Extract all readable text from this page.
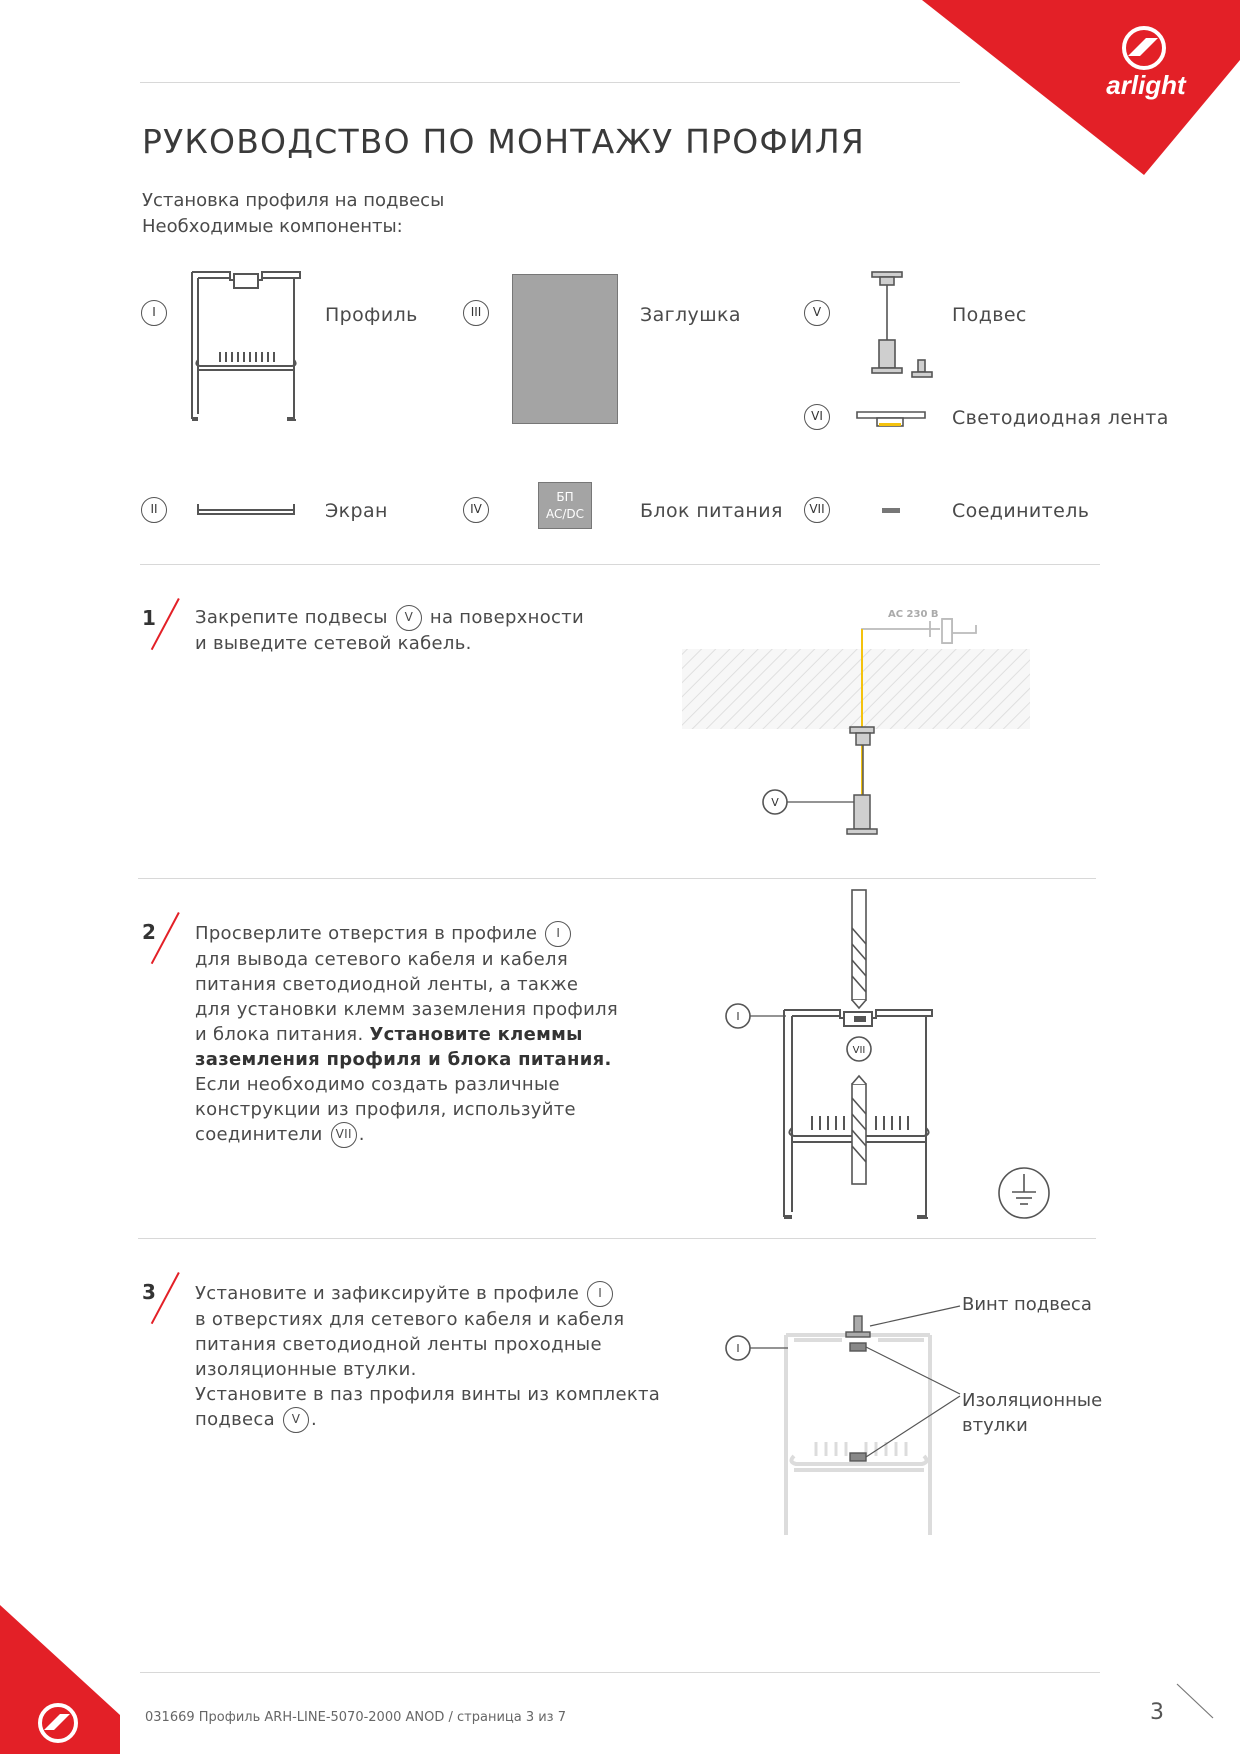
arlight
РУКОВОДСТВО ПО МОНТАЖУ ПРОФИЛЯ
Установка профиля на подвесы
Необходимые компоненты:
I	Профиль
II	Экран
III	Заглушка
IV
БП
AC/DC	Блок питания
V	Подвес
VI	Светодиодная лента
VII	Соединитель
1 Закрепите подвесы V на поверхности
и выведите сетевой кабель.
AC 230 В
V
2 Просверлите отверстия в профиле I
для вывода сетевого кабеля и кабеля
питания светодиодной ленты, а также
для установки клемм заземления профиля
и блока питания. Установите клеммы
заземления профиля и блока питания.
Если необходимо создать различные
конструкции из профиля, используйте
соединители VII .
I
VII
3 Установите и зафиксируйте в профиле I
в отверстиях для сетевого кабеля и кабеля
питания светодиодной ленты проходные
изоляционные втулки.
Установите в паз профиля винты из комплекта
подвеса V .
I
Винт подвеса
Изоляционные
втулки
031669 Профиль ARH-LINE-5070-2000 ANOD / страница 3 из 7	3
